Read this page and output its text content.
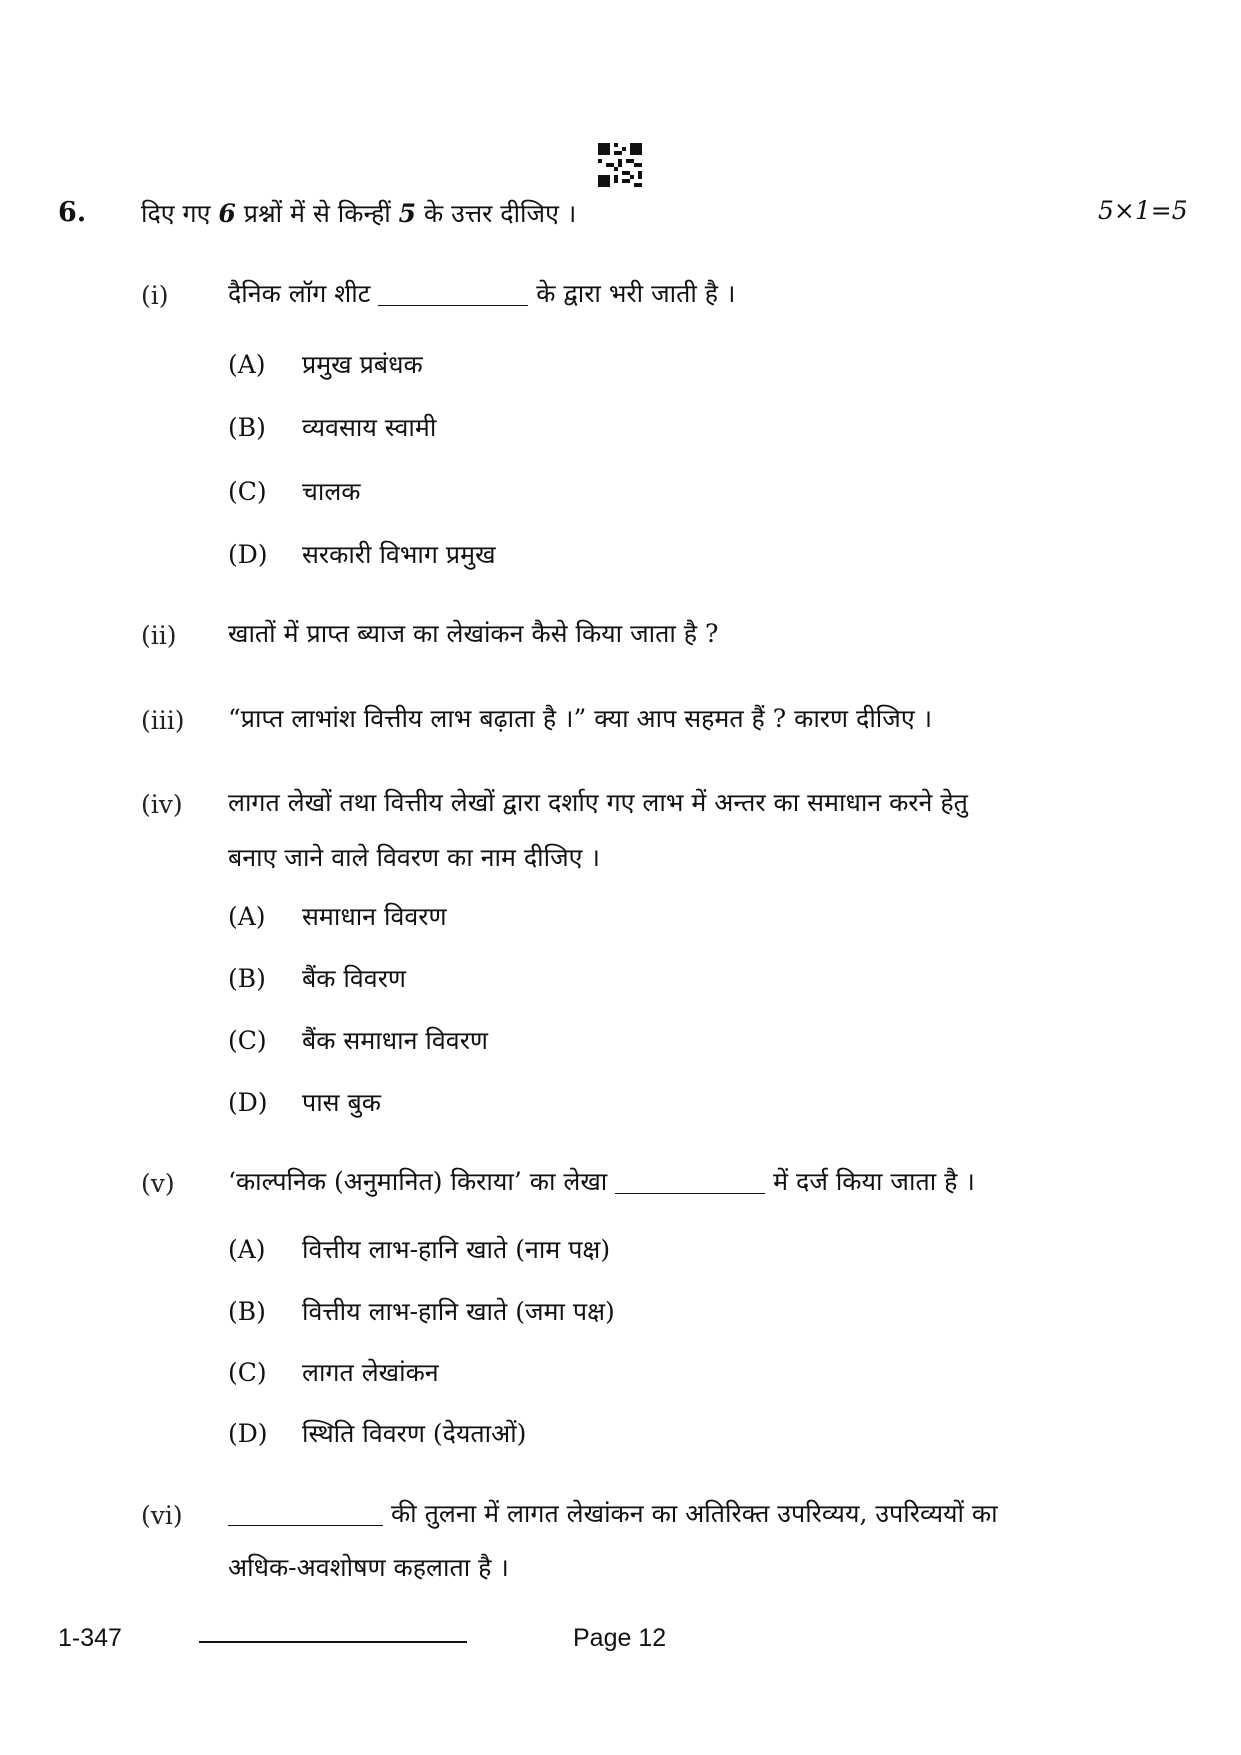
6. दिए गए 6 प्रश्नों में से किन्हीं 5 के उत्तर दीजिए ।	5×1=5
(i) दैनिक लॉग शीट	के द्वारा भरी जाती है ।
(A) प्रमुख प्रबंधक
(B) व्यवसाय स्वामी
(C) चालक
(D) सरकारी विभाग प्रमुख
(ii) खातों में प्राप्त ब्याज का लेखांकन कैसे किया जाता है ?
(iii) “प्राप्त लाभांश वित्तीय लाभ बढ़ाता है ।” क्या आप सहमत हैं ? कारण दीजिए ।
(iv) लागत लेखों तथा वित्तीय लेखों द्वारा दर्शाए गए लाभ में अन्तर का समाधान करने हेतु
बनाए जाने वाले विवरण का नाम दीजिए ।
(A) समाधान विवरण
(B) बैंक विवरण
(C) बैंक समाधान विवरण
(D) पास बुक
(v) ‘काल्पनिक (अनुमानित) किराया’ का लेखा	में दर्ज किया जाता है ।
(A) वित्तीय लाभ-हानि खाते (नाम पक्ष)
(B) वित्तीय लाभ-हानि खाते (जमा पक्ष)
(C) लागत लेखांकन
(D) स्थिति विवरण (देयताओं)
(vi)	की तुलना में लागत लेखांकन का अतिरिक्त उपरिव्यय, उपरिव्ययों का
अधिक-अवशोषण कहलाता है ।
1-347	Page 12
